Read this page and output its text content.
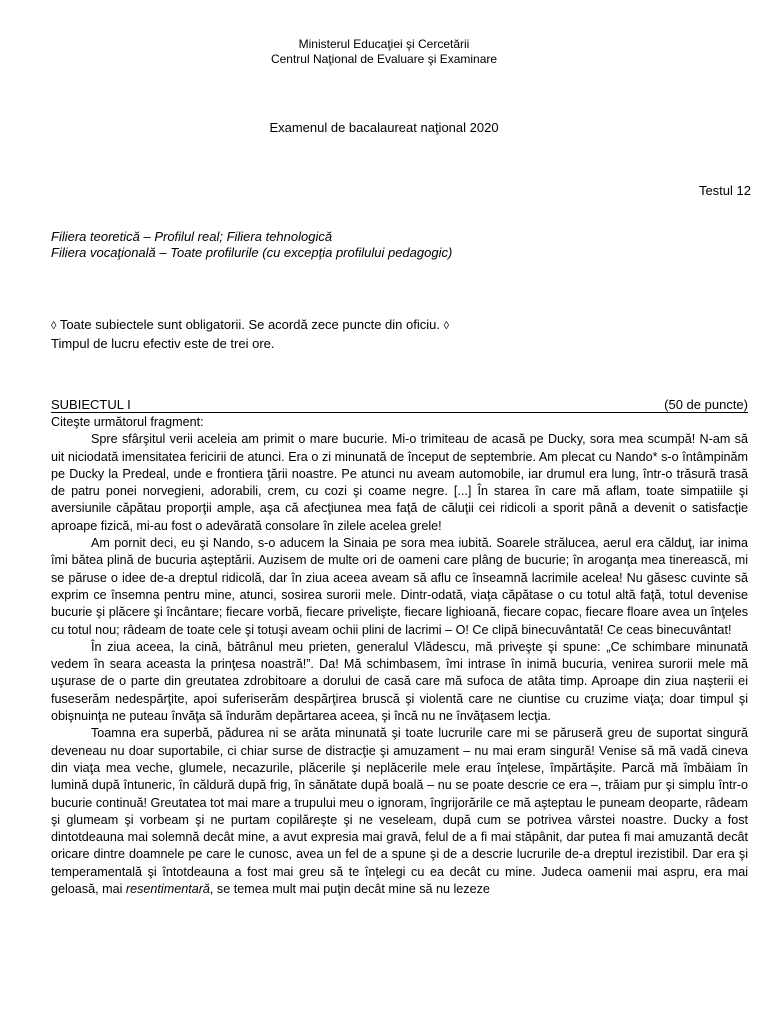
Ministerul Educaţiei şi Cercetării
Centrul Naţional de Evaluare şi Examinare
Examenul de bacalaureat naţional 2020
Testul 12
Filiera teoretică – Profilul real; Filiera tehnologică
Filiera vocaţională – Toate profilurile (cu excepţia profilului pedagogic)
◊ Toate subiectele sunt obligatorii. Se acordă zece puncte din oficiu. ◊
Timpul de lucru efectiv este de trei ore.
SUBIECTUL I	(50 de puncte)

Citeşte următorul fragment:

Spre sfârşitul verii aceleia am primit o mare bucurie. Mi-o trimiteau de acasă pe Ducky, sora mea scumpă! N-am să uit niciodată imensitatea fericirii de atunci. Era o zi minunată de început de septembrie. Am plecat cu Nando* s-o întâmpinăm pe Ducky la Predeal, unde e frontiera ţării noastre. Pe atunci nu aveam automobile, iar drumul era lung, într-o trăsură trasă de patru ponei norvegieni, adorabili, crem, cu cozi şi coame negre. [...] În starea în care mă aflam, toate simpatiile şi aversiunile căpătau proporţii ample, aşa că afecţiunea mea faţă de căluţii cei ridicoli a sporit până a devenit o satisfacţie aproape fizică, mi-au fost o adevărată consolare în zilele acelea grele!

Am pornit deci, eu şi Nando, s-o aducem la Sinaia pe sora mea iubită. Soarele strălucea, aerul era călduţ, iar inima îmi bătea plină de bucuria aşteptării. Auzisem de multe ori de oameni care plâng de bucurie; în aroganţa mea tinerească, mi se păruse o idee de-a dreptul ridicolă, dar în ziua aceea aveam să aflu ce înseamnă lacrimile acelea! Nu găsesc cuvinte să exprim ce însemna pentru mine, atunci, sosirea surorii mele. Dintr-odată, viaţa căpătase o cu totul altă faţă, totul devenise bucurie şi plăcere şi încântare; fiecare vorbă, fiecare privelişte, fiecare lighioană, fiecare copac, fiecare floare avea un înţeles cu totul nou; râdeam de toate cele şi totuşi aveam ochii plini de lacrimi – O! Ce clipă binecuvântată! Ce ceas binecuvântat!

În ziua aceea, la cină, bătrânul meu prieten, generalul Vlădescu, mă priveşte şi spune: „Ce schimbare minunată vedem în seara aceasta la prinţesa noastră!”. Da! Mă schimbasem, îmi intrase în inimă bucuria, venirea surorii mele mă uşurase de o parte din greutatea zdrobitoare a dorului de casă care mă sufoca de atâta timp. Aproape din ziua naşterii ei fuseserăm nedespărţite, apoi suferiserăm despărţirea bruscă şi violentă care ne ciuntise cu cruzime viaţa; doar timpul şi obişnuinţa ne puteau învăţa să îndurăm depărtarea aceea, şi încă nu ne învăţasem lecţia.

Toamna era superbă, pădurea ni se arăta minunată şi toate lucrurile care mi se păruseră greu de suportat singură deveneau nu doar suportabile, ci chiar surse de distracţie şi amuzament – nu mai eram singură! Venise să mă vadă cineva din viaţa mea veche, glumele, necazurile, plăcerile şi neplăcerile mele erau înţelese, împărtăşite. Parcă mă îmbăiam în lumină după întuneric, în căldură după frig, în sănătate după boală – nu se poate descrie ce era –, trăiam pur şi simplu într-o bucurie continuă! Greutatea tot mai mare a trupului meu o ignoram, îngrijorările ce mă aşteptau le puneam deoparte, râdeam şi glumeam şi vorbeam şi ne purtam copilăreşte şi ne veseleam, după cum se potrivea vârstei noastre. Ducky a fost dintotdeauna mai solemnă decât mine, a avut expresia mai gravă, felul de a fi mai stăpânit, dar putea fi mai amuzantă decât oricare dintre doamnele pe care le cunosc, avea un fel de a spune şi de a descrie lucrurile de-a dreptul irezistibil. Dar era şi temperamentală şi întotdeauna a fost mai greu să te înţelegi cu ea decât cu mine. Judeca oamenii mai aspru, era mai geloasă, mai resentimentară, se temea mult mai puţin decât mine să nu lezeze
